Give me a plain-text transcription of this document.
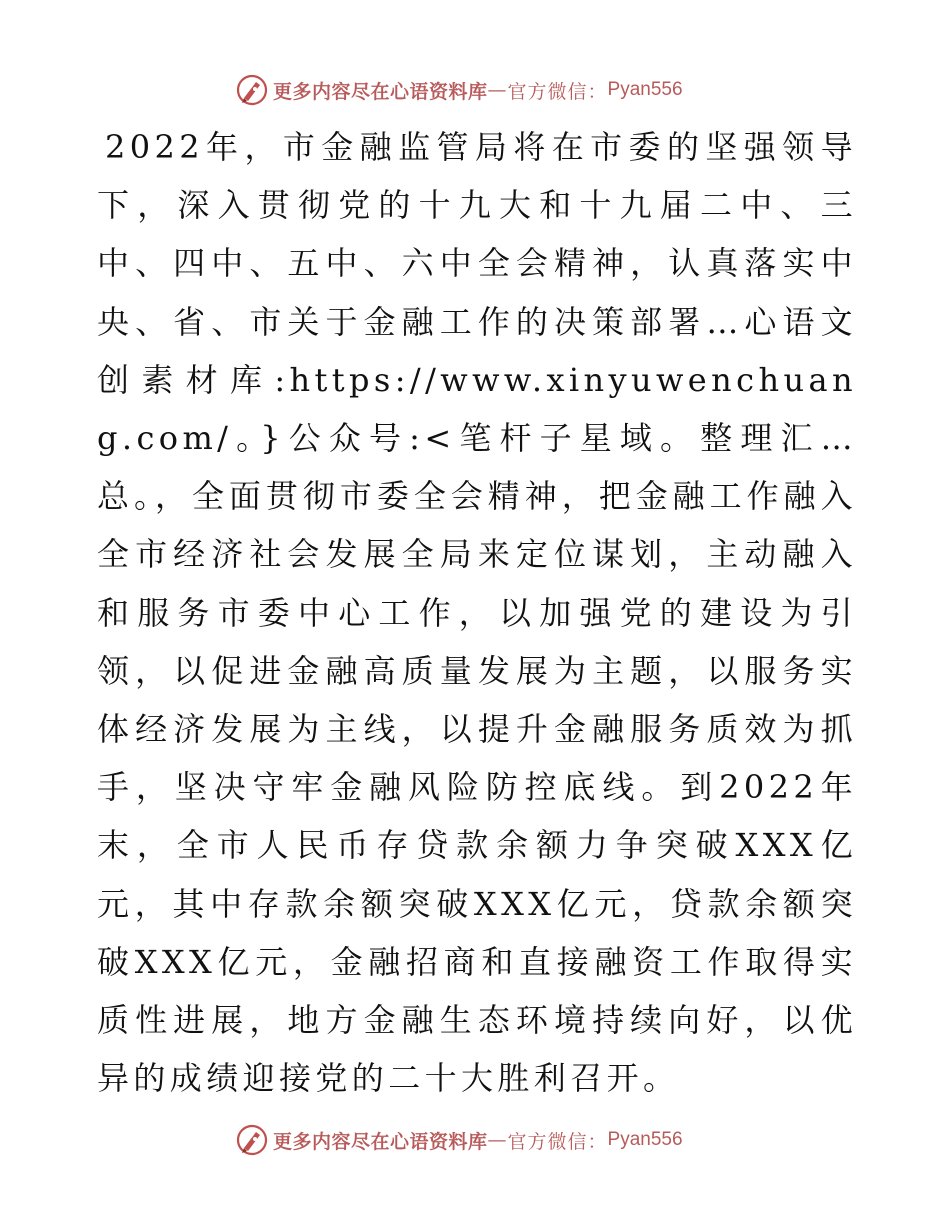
更多内容尽在心语资料库 — 官方微信： Pyan556

2022年，市金融监管局将在市委的坚强领导下，深入贯彻党的十九大和十九届二中、三中、四中、五中、六中全会精神，认真落实中央、省、市关于金融工作的决策部署…心语文创素材库:https://www.xinyuwenchuang.com/。}公众号:<笔杆子星域。整理汇…总。，全面贯彻市委全会精神，把金融工作融入全市经济社会发展全局来定位谋划，主动融入和服务市委中心工作，以加强党的建设为引领，以促进金融高质量发展为主题，以服务实体经济发展为主线，以提升金融服务质效为抓手，坚决守牢金融风险防控底线。到2022年末，全市人民币存贷款余额力争突破XXX亿元，其中存款余额突破XXX亿元，贷款余额突破XXX亿元，金融招商和直接融资工作取得实质性进展，地方金融生态环境持续向好，以优异的成绩迎接党的二十大胜利召开。

更多内容尽在心语资料库 — 官方微信： Pyan556
